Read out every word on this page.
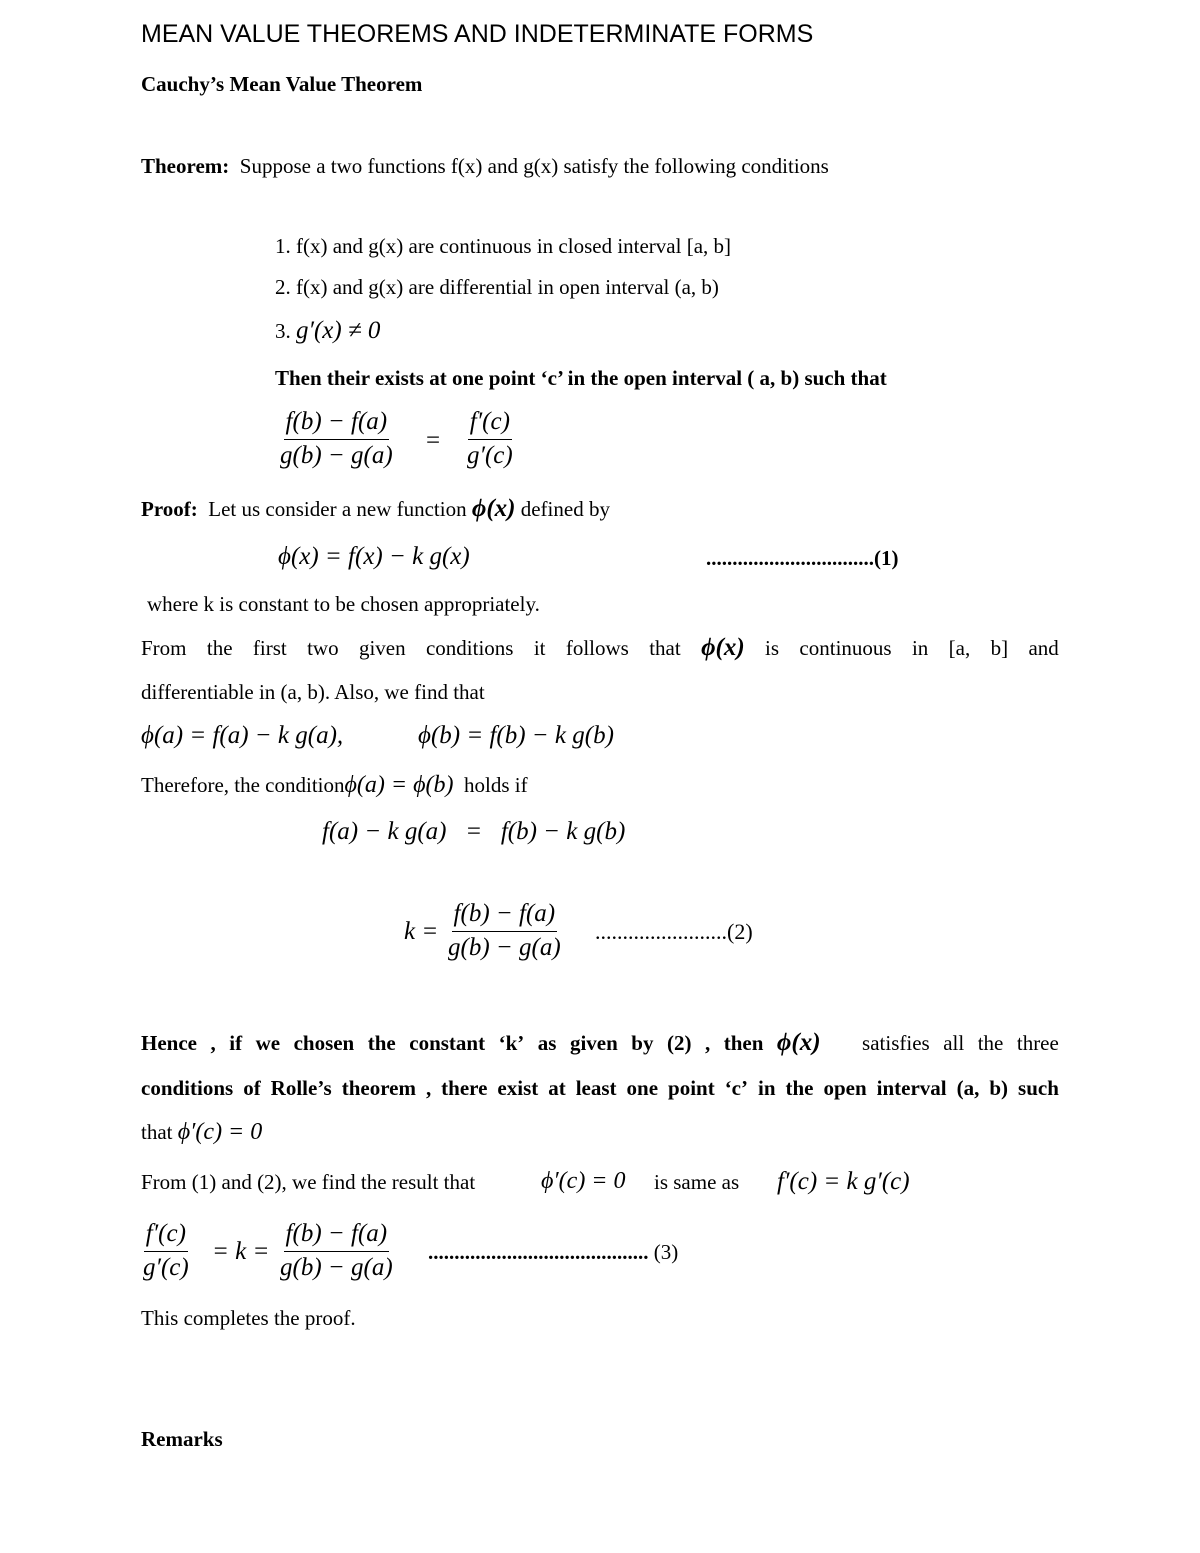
MEAN VALUE THEOREMS AND INDETERMINATE FORMS
Cauchy’s Mean Value Theorem
Theorem: Suppose a two functions f(x) and g(x) satisfy the following conditions
1. f(x) and g(x) are continuous in closed interval [a, b]
2. f(x) and g(x) are differential in open interval (a, b)
3. g′(x) ≠ 0
Then their exists at one point ‘c’ in the open interval ( a, b) such that
$\frac{f(b) - f(a)}{g(b) - g(a)} = \frac{f'(c)}{g'(c)}$
Proof: Let us consider a new function ϕ(x) defined by
ϕ(x) = f(x) − k g(x)	................................(1)
where k is constant to be chosen appropriately.
From the first two given conditions it follows that ϕ(x) is continuous in [a, b] and
differentiable in (a, b). Also, we find that
ϕ(a) = f(a) − k g(a),	ϕ(b) = f(b) − k g(b)
Therefore, the conditionϕ(a) = ϕ(b) holds if
f(a) − k g(a)   =   f(b) − k g(b)
$k = \frac{f(b) - f(a)}{g(b) - g(a)} ........................(2)$
Hence , if we chosen the constant ‘k’ as given by (2) , then ϕ(x) satisfies all the three
conditions of Rolle’s theorem , there exist at least one point ‘c’ in the open interval (a, b) such
that ϕ′(c) = 0
From (1) and (2), we find the result that	ϕ′(c) = 0 is same as f′(c) = k g′(c)
$\frac{f'(c)}{g'(c)} = k = \frac{f(b) - f(a)}{g(b) - g(a)}$ .......................................... (3)
This completes the proof.
Remarks
